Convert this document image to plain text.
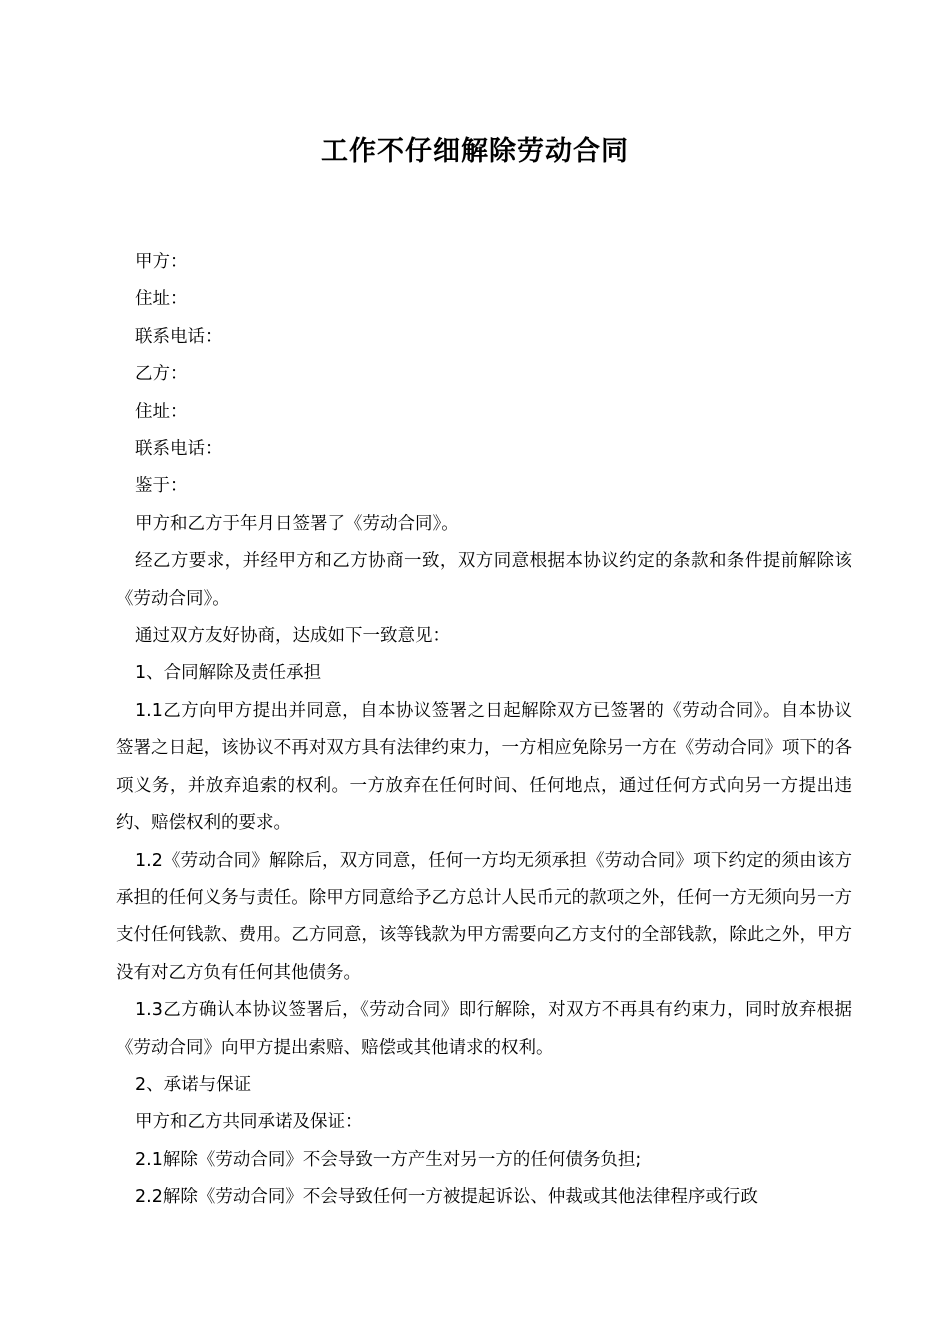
工作不仔细解除劳动合同

甲方：

住址：

联系电话：

乙方：

住址：

联系电话：

鉴于：

甲方和乙方于年月日签署了《劳动合同》。

经乙方要求，并经甲方和乙方协商一致，双方同意根据本协议约定的条款和条件提前解除该《劳动合同》。

通过双方友好协商，达成如下一致意见：

1、合同解除及责任承担

1.1乙方向甲方提出并同意，自本协议签署之日起解除双方已签署的《劳动合同》。自本协议签署之日起，该协议不再对双方具有法律约束力，一方相应免除另一方在《劳动合同》项下的各项义务，并放弃追索的权利。一方放弃在任何时间、任何地点，通过任何方式向另一方提出违约、赔偿权利的要求。

1.2《劳动合同》解除后，双方同意，任何一方均无须承担《劳动合同》项下约定的须由该方承担的任何义务与责任。除甲方同意给予乙方总计人民币元的款项之外，任何一方无须向另一方支付任何钱款、费用。乙方同意，该等钱款为甲方需要向乙方支付的全部钱款，除此之外，甲方没有对乙方负有任何其他债务。

1.3乙方确认本协议签署后，《劳动合同》即行解除，对双方不再具有约束力，同时放弃根据《劳动合同》向甲方提出索赔、赔偿或其他请求的权利。

2、承诺与保证

甲方和乙方共同承诺及保证：

2.1解除《劳动合同》不会导致一方产生对另一方的任何债务负担;

2.2解除《劳动合同》不会导致任何一方被提起诉讼、仲裁或其他法律程序或行政
